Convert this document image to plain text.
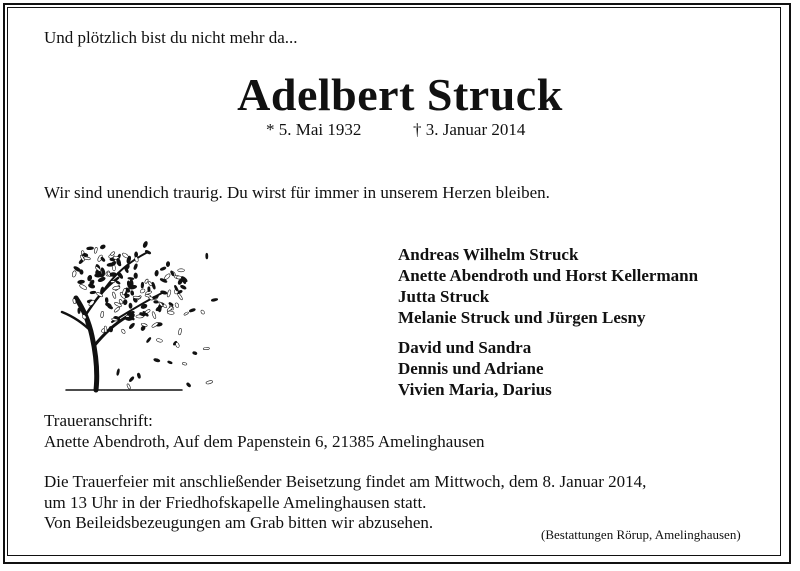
Und plötzlich bist du nicht mehr da...
Adelbert Struck
* 5. Mai 1932	† 3. Januar 2014
Wir sind unendich traurig. Du wirst für immer in unserem Herzen bleiben.
Andreas Wilhelm Struck
Anette Abendroth und Horst Kellermann
Jutta Struck
Melanie Struck und Jürgen Lesny
David und Sandra
Dennis und Adriane
Vivien Maria, Darius
Traueranschrift:
Anette Abendroth, Auf dem Papenstein 6, 21385 Amelinghausen
Die Trauerfeier mit anschließender Beisetzung findet am Mittwoch, dem 8. Januar 2014,
um 13 Uhr in der Friedhofskapelle Amelinghausen statt.
Von Beileidsbezeugungen am Grab bitten wir abzusehen.
(Bestattungen Rörup, Amelinghausen)
